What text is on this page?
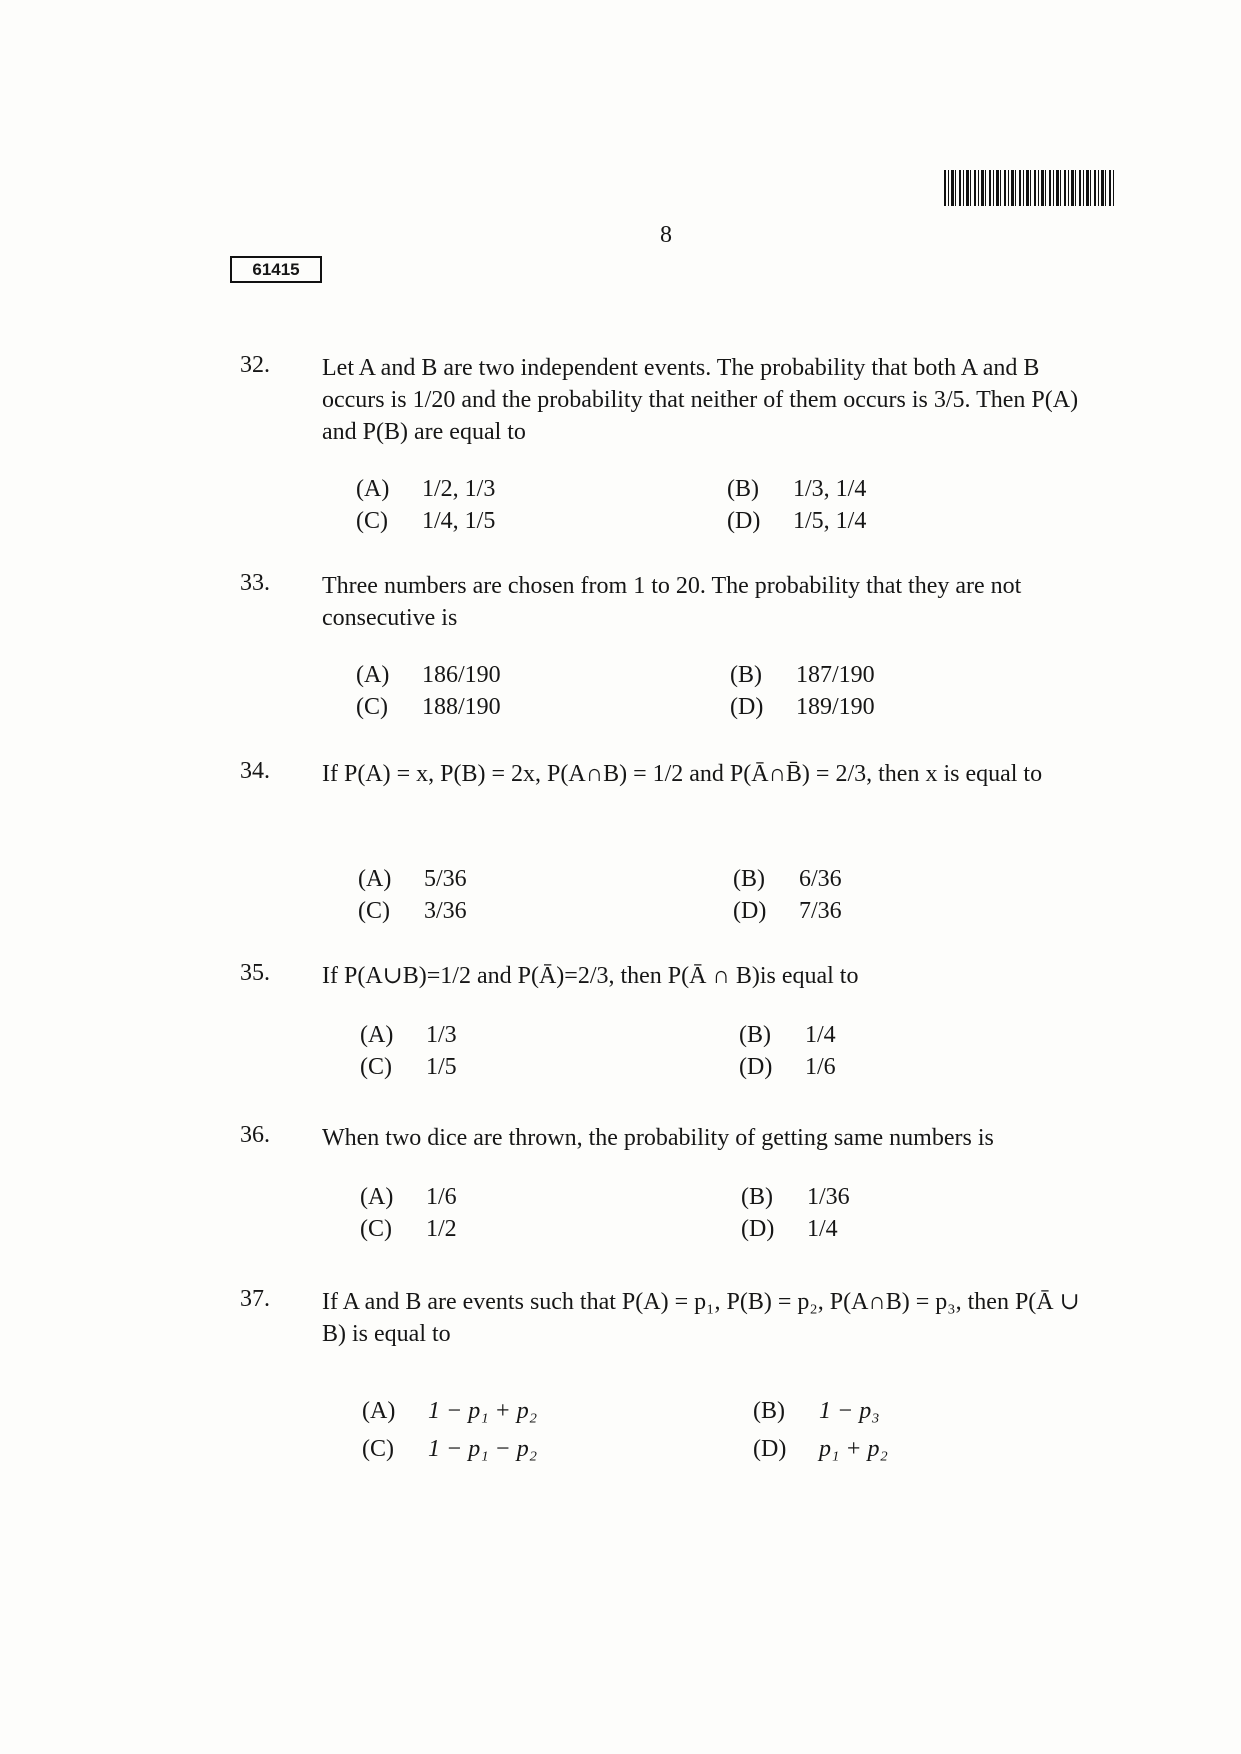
8
61415
32. Let A and B are two independent events. The probability that both A and B occurs is 1/20 and the probability that neither of them occurs is 3/5. Then P(A) and P(B) are equal to
(A) 1/2, 1/3	(B) 1/3, 1/4
(C) 1/4, 1/5	(D) 1/5, 1/4
33. Three numbers are chosen from 1 to 20. The probability that they are not consecutive is
(A) 186/190	(B) 187/190
(C) 188/190	(D) 189/190
34. If P(A) = x, P(B) = 2x, P(A∩B) = 1/2 and P(Ā∩B̄) = 2/3, then x is equal to
(A) 5/36	(B) 6/36
(C) 3/36	(D) 7/36
35. If P(A∪B)=1/2 and P(Ā)=2/3, then P(Ā ∩ B)is equal to
(A) 1/3	(B) 1/4
(C) 1/5	(D) 1/6
36. When two dice are thrown, the probability of getting same numbers is
(A) 1/6	(B) 1/36
(C) 1/2	(D) 1/4
37. If A and B are events such that P(A) = p₁, P(B) = p₂, P(A∩B) = p₃, then P(Ā ∪ B) is equal to
(A) 1 − p₁ + p₂	(B) 1 − p₃
(C) 1 − p₁ − p₂	(D) p₁ + p₂
